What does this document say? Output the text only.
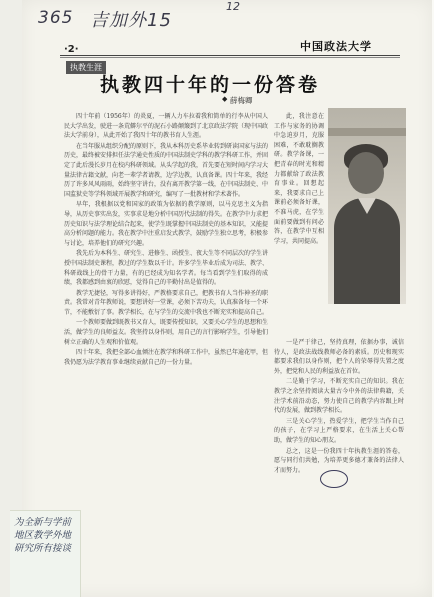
365 吉加外15
12
·2·	中国政法大学
执教生涯
执教四十年的一份答卷
◆ 薛梅卿

四十年前（1956年）的炎夏，一辆人力车拉着我和简单的行李从中国人民大学出发，驶进一条荒僻尔平的泥石小路颠簸到了北京政法学院（现中国政法大学前身），从此开始了我四十年的教书育人生涯。

在当年服从组织分配的原则下，我从本科历史系毕业转到研读国家与法的历史，最终被安排担任法学通史性质的中国法制史学科的教学科研工作，并固定了此后漫长岁月在校内科研领域。从头学起的我，首先要在短时间内学习大量法律古籍文献，向老一辈学者请教，边学边教，认真备课。四十年来，我经历了许多风风雨雨，始终坚守讲台，没有离开教学第一线，在中国法制史、中国监狱史等学科领域开展教学和研究，编写了一批教材和学术著作。

早年，我根据以党和国家的政策为依据的教学原则，以马克思主义为指导，从历史事实出发，实事求是地分析中国历代法制的得失。在教学中力求把历史知识与法学理论结合起来，使学生既掌握中国法制史的基本知识，又能提高分析问题的能力。我在教学中注重启发式教学，鼓励学生独立思考，积极参与讨论，培养他们的研究兴趣。

我先后为本科生、研究生、进修生、函授生、夜大生等不同层次的学生讲授中国法制史课程，教过的学生数以千计。许多学生毕业后成为司法、教学、科研战线上的骨干力量，有的已经成为知名学者。每当看到学生们取得的成绩，我都感到由衷的欣慰，觉得自己的辛勤付出是值得的。

教学无捷径，写得多讲得好，严教格要求自己，把教书育人当作神圣的职责。我常对青年教师说，要想讲好一堂课，必须下苦功夫，认真准备每一个环节，不能敷衍了事。教学相长，在与学生的交流中我也不断充实和提高自己。

一个教师要做到既教书又育人，既要传授知识，又要关心学生的思想和生活，做学生的良师益友。我坚持以身作则，用自己的言行影响学生，引导他们树立正确的人生观和价值观。

四十年来，我把全部心血倾注在教学和科研工作中，虽然已年逾花甲，但我仍愿为法学教育事业继续贡献自己的一份力量。

此，我注意在工作与家务的协调中急迫岁月，克服困难，不敢耽搁教研。教学备课，一把青春的时光和精力都献给了政法教育事业。回想起来，我要求自己上课前必须备好课，不准马虎，在学生面前要做到有问必答，在教学中互相学习，共同提高。

一是严于律己，坚持真理，依据办事，诚信待人，是政法战线教师必备的素质。历史和现实都要求我们以身作则，把个人的荣辱得失置之度外，把党和人民的利益放在首位。

二是勤于学习，不断充实自己的知识。我在教学之余坚持阅读大量古今中外的法律典籍，关注学术前沿动态，努力使自己的教学内容跟上时代的发展，做到教学相长。

三是关心学生，热爱学生，把学生当作自己的孩子，在学习上严格要求，在生活上关心帮助，做学生的知心朋友。

总之，这是一份我四十年执教生涯的答卷，愿与同行们共勉，为培养更多德才兼备的法律人才而努力。

为全新与学前地区教学外地研究所有接谈
